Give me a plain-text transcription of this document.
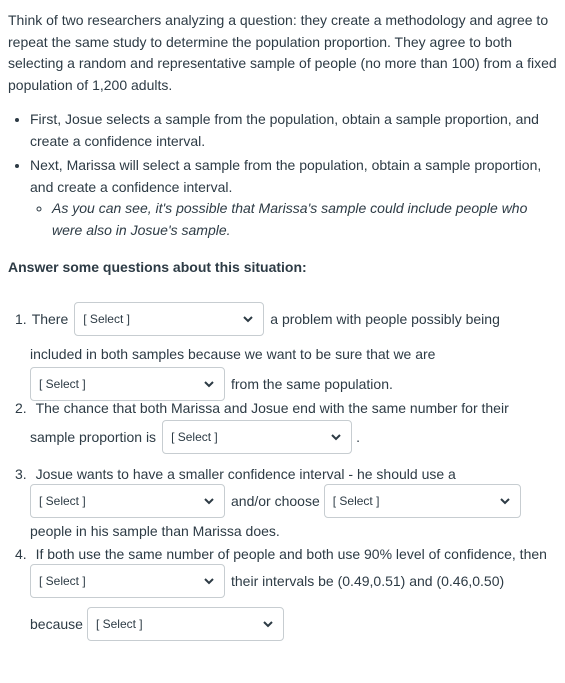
Think of two researchers analyzing a question: they create a methodology and agree to repeat the same study to determine the population proportion. They agree to both selecting a random and representative sample of people (no more than 100) from a fixed population of 1,200 adults.

• First, Josue selects a sample from the population, obtain a sample proportion, and create a confidence interval.
• Next, Marissa will select a sample from the population, obtain a sample proportion, and create a confidence interval.
◦ As you can see, it's possible that Marissa's sample could include people who were also in Josue's sample.

Answer some questions about this situation:

1. There [ Select ]	a problem with people possibly being

included in both samples because we want to be sure that we are

[ Select ]	from the same population.
2. The chance that both Marissa and Josue end with the same number for their
sample proportion is [ Select ]	.
3. Josue wants to have a smaller confidence interval - he should use a
[ Select ]	and/or choose [ Select ]

people in his sample than Marissa does.

4. If both use the same number of people and both use 90% level of confidence, then
[ Select ]	their intervals be (0.49,0.51) and (0.46,0.50)
because [ Select ]
